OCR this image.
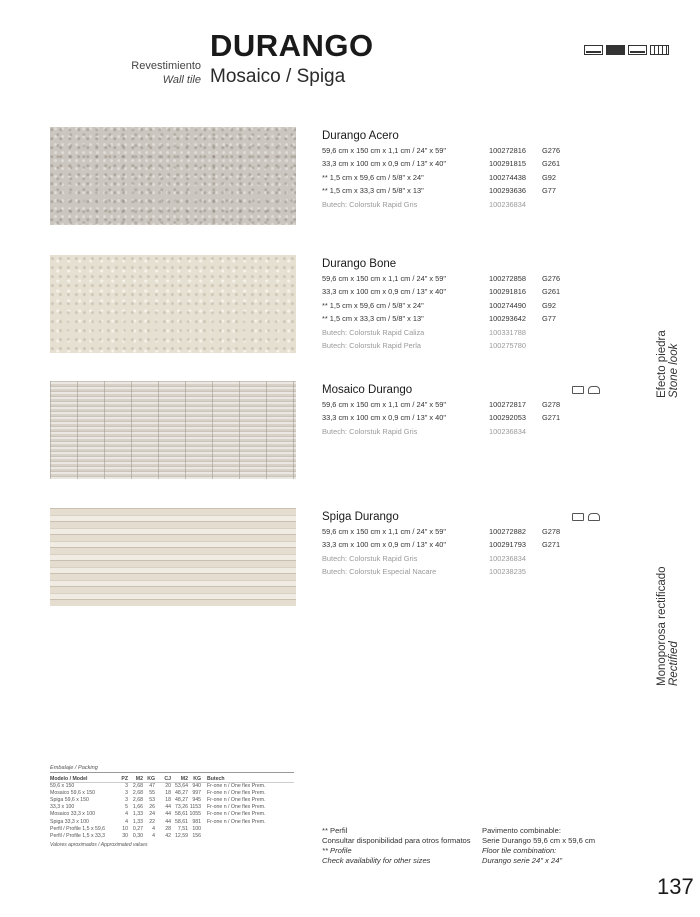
DURANGO
Revestimiento
Wall tile Mosaico / Spiga
Durango Acero
59,6 cm x 150 cm x 1,1 cm / 24" x 59"	100272816 G276
33,3 cm x 100 cm x 0,9 cm / 13" x 40"	100291815 G261
** 1,5 cm x 59,6 cm / 5/8" x 24"	100274438 G92
** 1,5 cm x 33,3 cm / 5/8" x 13"	100293636 G77
Butech: Colorstuk Rapid Gris	100236834
Durango Bone
59,6 cm x 150 cm x 1,1 cm / 24" x 59"	100272858 G276
33,3 cm x 100 cm x 0,9 cm / 13" x 40"	100291816 G261
** 1,5 cm x 59,6 cm / 5/8" x 24"	100274490 G92
** 1,5 cm x 33,3 cm / 5/8" x 13"	100293642 G77
Butech: Colorstuk Rapid Caliza	100331788
Butech: Colorstuk Rapid Perla	100275780
Mosaico Durango
59,6 cm x 150 cm x 1,1 cm / 24" x 59"	100272817 G278
33,3 cm x 100 cm x 0,9 cm / 13" x 40"	100292053 G271
Butech: Colorstuk Rapid Gris	100236834
Spiga Durango
59,6 cm x 150 cm x 1,1 cm / 24" x 59"	100272882 G278
33,3 cm x 100 cm x 0,9 cm / 13" x 40"	100291793 G271
Butech: Colorstuk Rapid Gris	100236834
Butech: Colorstuk Especial Nacare	100238235
Efecto piedra Stone look
Monoporosa rectificado Rectified
Embalaje / Packing
Modelo / Model	PZ	M2 KG	CJ	M2	KG	Butech
59,6 x 150	3 2,68	47	20 53,64 940	Fr-one n / One flex Prem.
Mosaico 59,6 x 150	3 2,68	55	18 48,27 997	Fr-one n / One flex Prem.
Spiga 59,6 x 150	3 2,68	53	18 48,27 945	Fr-one n / One flex Prem.
33,3 x 100	5 1,66	26	44 73,26 1153	Fr-one n / One flex Prem.
Mosaico 33,3 x 100	4 1,33	24	44 58,61 1055	Fr-one n / One flex Prem.
Spiga 33,3 x 100	4 1,33	22	44 58,61 981	Fr-one n / One flex Prem.
Perfil / Profile 1,5 x 59,6	10 0,27	4	28	7,51 100
Perfil / Profile 1,5 x 33,3	30 0,30	4	42 12,59 156
Valores aproximados / Approximated values
** Perfil
Consultar disponibilidad para otros formatos
** Profile
Check availability for other sizes
Pavimento combinable:
Serie Durango 59,6 cm x 59,6 cm
Floor tile combination:
Durango serie 24" x 24"
137
